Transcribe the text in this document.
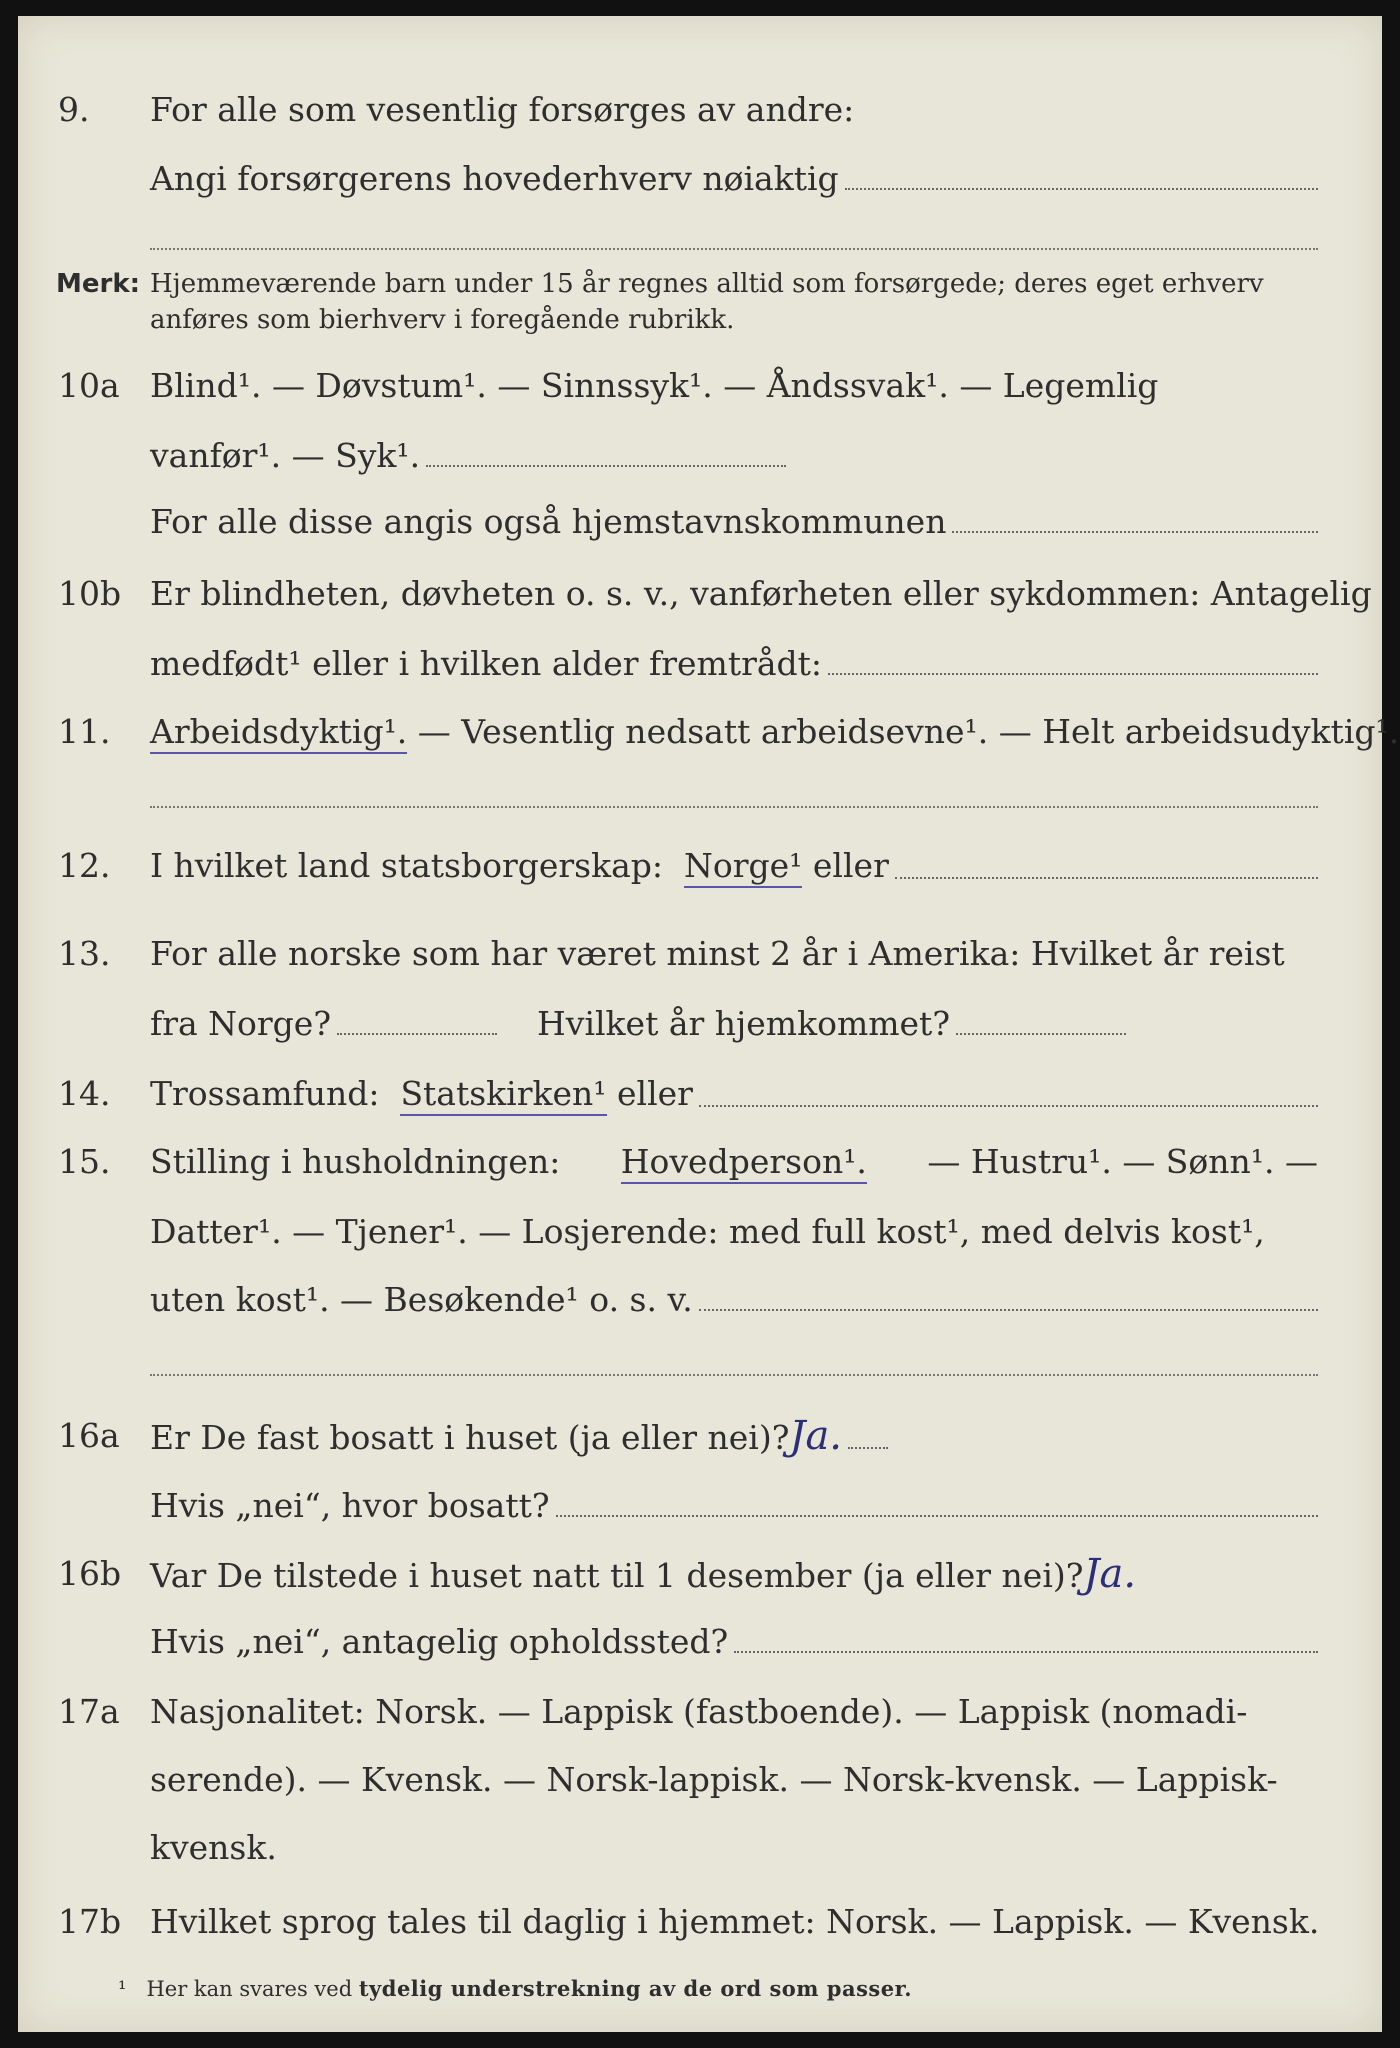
9. For alle som vesentlig forsørges av andre:
Angi forsørgerens hovederhverv nøiaktig
Merk: Hjemmeværende barn under 15 år regnes alltid som forsørgede; deres eget erhverv
anføres som bierhverv i foregående rubrikk.
10a Blind¹. — Døvstum¹. — Sinnssyk¹. — Åndssvak¹. — Legemlig
vanfør¹. — Syk¹.
For alle disse angis også hjemstavnskommunen
10b Er blindheten, døvheten o. s. v., vanførheten eller sykdommen: Antagelig
medfødt¹ eller i hvilken alder fremtrådt:
11. Arbeidsdyktig¹. — Vesentlig nedsatt arbeidsevne¹. — Helt arbeidsudyktig¹.
12. I hvilket land statsborgerskap:
Norge¹
eller
13. For alle norske som har været minst 2 år i Amerika: Hvilket år reist
fra Norge?	Hvilket år hjemkommet?
14. Trossamfund:
Statskirken¹
eller
15. Stilling i husholdningen: Hovedperson¹. — Hustru¹. — Sønn¹. —
Datter¹. — Tjener¹. — Losjerende: med full kost¹, med delvis kost¹,
uten kost¹. — Besøkende¹ o. s. v.
16a Er De fast bosatt i huset (ja eller nei)? Ja.
Hvis „nei“, hvor bosatt?
16b Var De tilstede i huset natt til 1 desember (ja eller nei)? Ja.
Hvis „nei“, antagelig opholdssted?
17a Nasjonalitet: Norsk. — Lappisk (fastboende). — Lappisk (nomadi-
serende). — Kvensk. — Norsk-lappisk. — Norsk-kvensk. — Lappisk-
kvensk.
17b Hvilket sprog tales til daglig i hjemmet: Norsk. — Lappisk. — Kvensk.
¹ Her kan svares ved tydelig understrekning av de ord som passer.
